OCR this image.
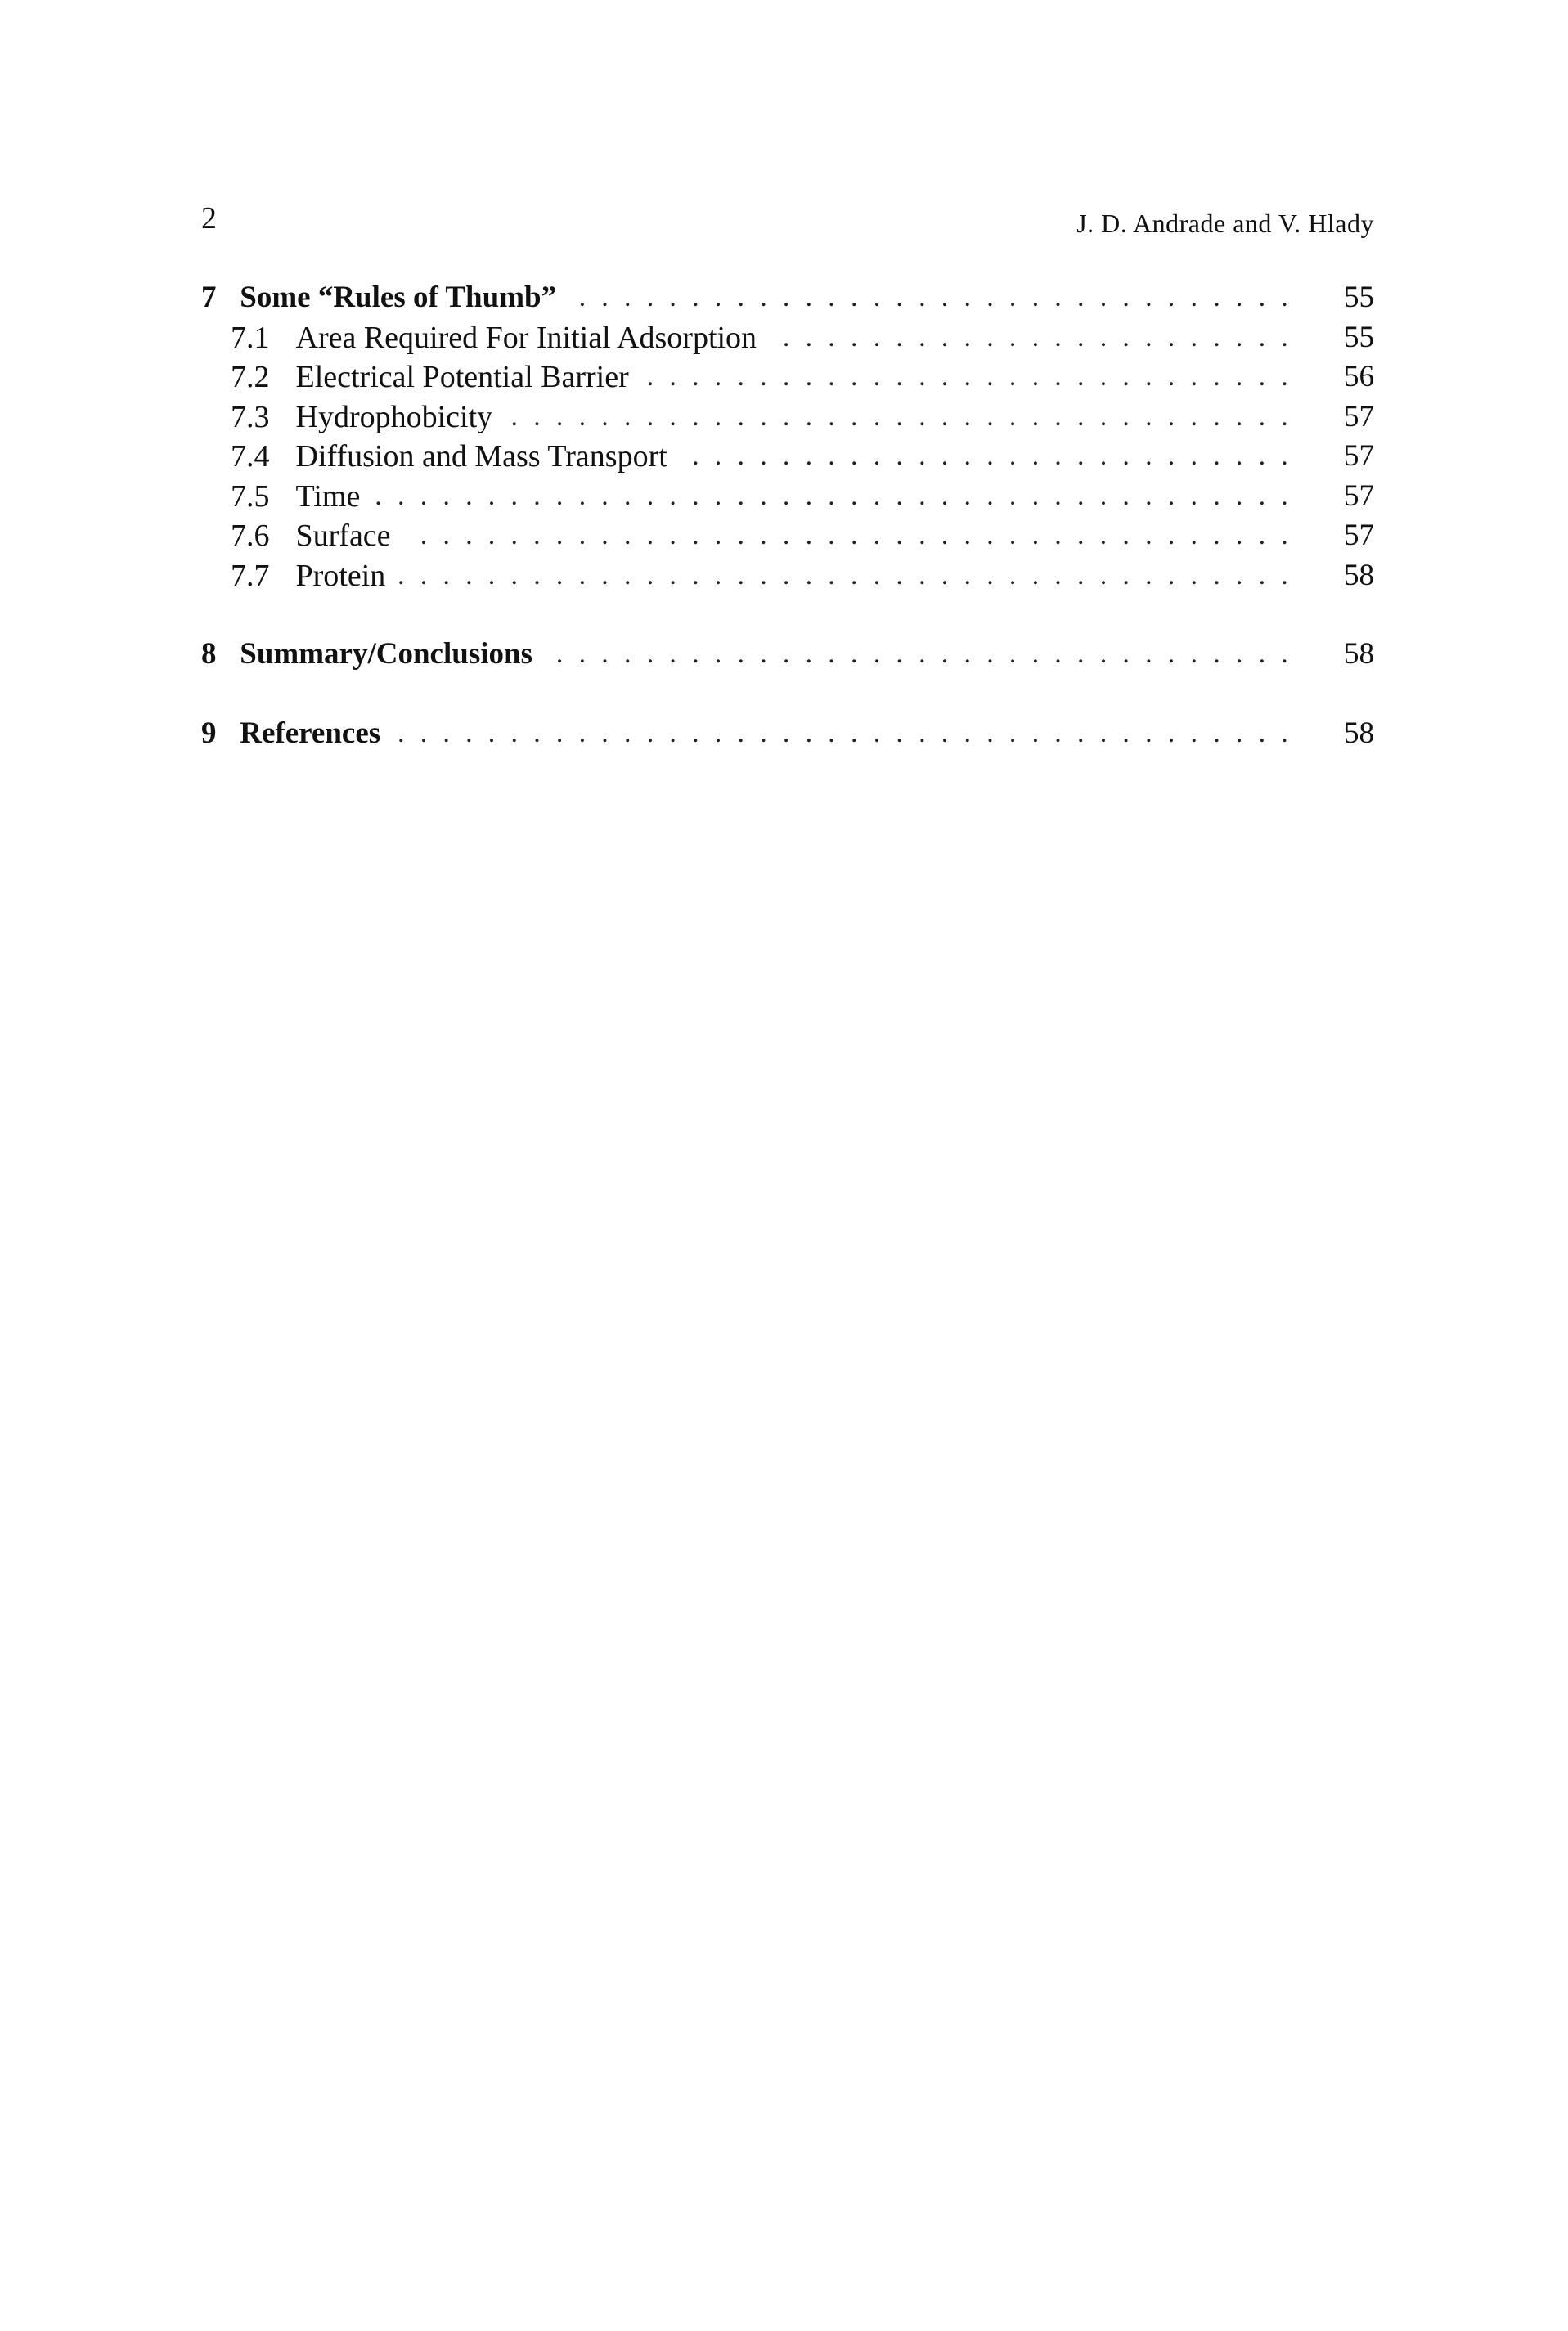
2	J. D. Andrade and V. Hlady
7 Some “Rules of Thumb” ................................ 55
7.1 Area Required For Initial Adsorption ....................... 55
7.2 Electrical Potential Barrier ............................. 56
7.3 Hydrophobicity ................................... 57
7.4 Diffusion and Mass Transport ........................... 57
7.5 Time ......................................... 57
7.6 Surface	....................................... 57
7.7 Protein ........................................ 58
8 Summary/Conclusions ................................. 58
9 References ........................................ 58
